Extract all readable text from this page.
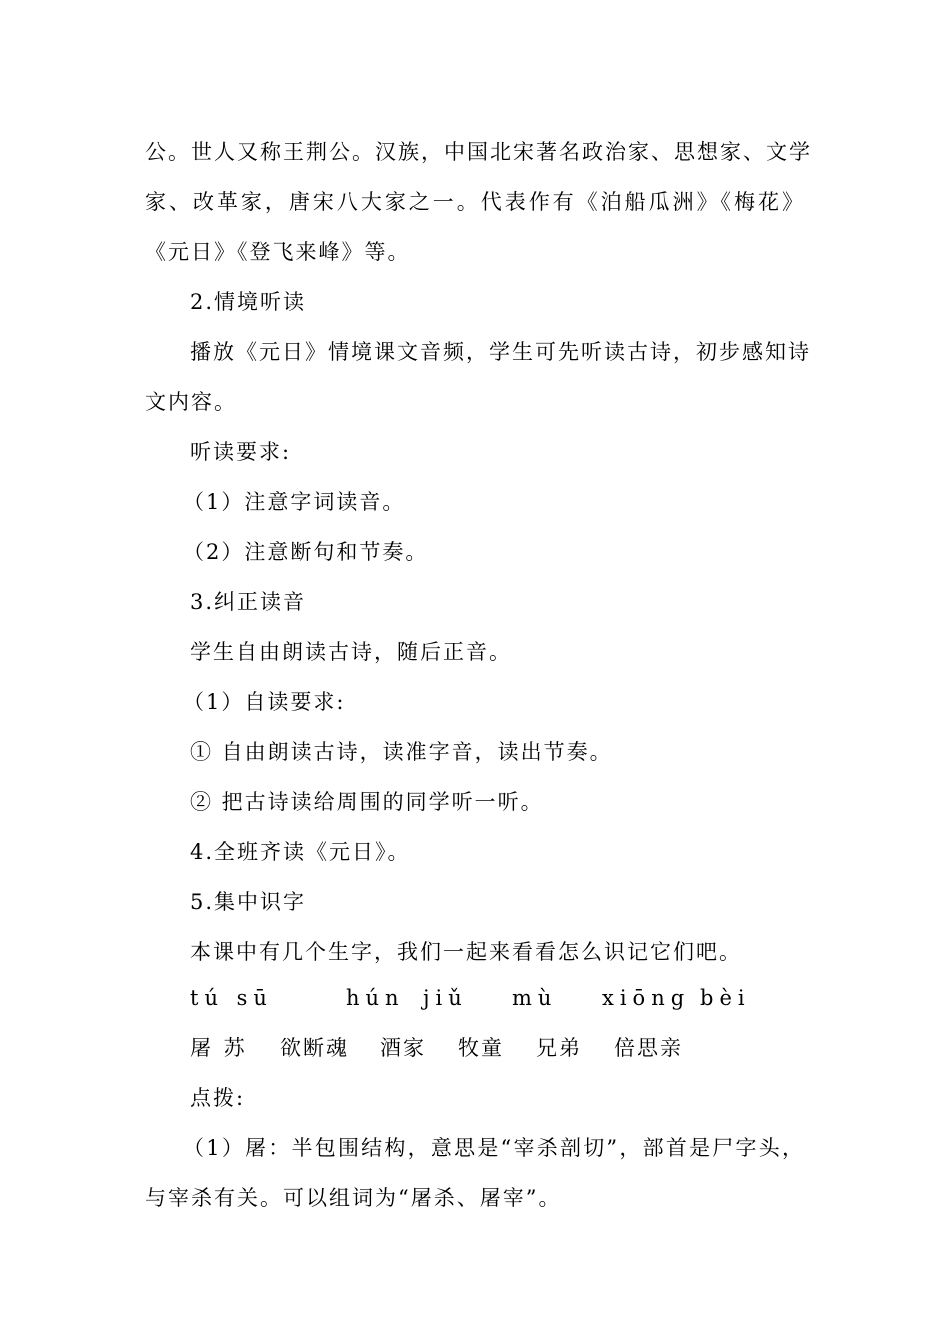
公。世人又称王荆公。汉族，中国北宋著名政治家、思想家、文学
家、改革家，唐宋八大家之一。代表作有《泊船瓜洲》《梅花》
《元日》《登飞来峰》等。
2.情境听读
播放《元日》情境课文音频，学生可先听读古诗，初步感知诗
文内容。
听读要求:
（1）注意字词读音。
（2）注意断句和节奏。
3.纠正读音
学生自由朗读古诗，随后正音。
（1）自读要求:
① 自由朗读古诗，读准字音，读出节奏。
② 把古诗读给周围的同学听一听。
4.全班齐读《元日》。
5.集中识字
本课中有几个生字，我们一起来看看怎么识记它们吧。
tú sū	hún jiǔ mù xiōng bèi
屠 苏 欲断魂 酒家 牧童 兄弟 倍思亲
点拨:
（1）屠：半包围结构，意思是“宰杀剖切”，部首是尸字头，
与宰杀有关。可以组词为“屠杀、屠宰”。
